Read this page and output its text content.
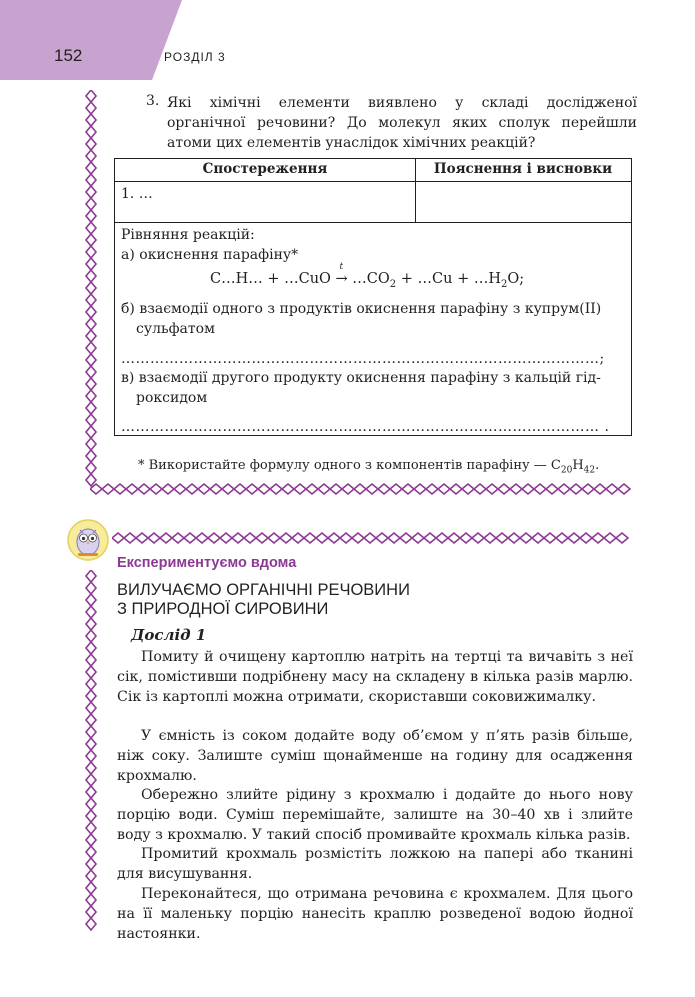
152	РОЗДІЛ 3
3. Які хімічні елементи виявлено у складі дослідженої органічної речовини? До молекул яких сполук перейшли атоми цих елементів унаслідок хімічних реакцій?

Спостереження	Пояснення і висновки
1. …
Рівняння реакцій:
а) окиснення парафіну*
C…H… + …CuO
t
→ $\dots CO_2$ + …Cu + $\dots H_2O$;
б) взаємодії одного з продуктів окиснення парафіну з купрум(ІІ)
сульфатом
………………………………………………………………………………………;
в) взаємодії другого продукту окиснення парафіну з кальцій гід-
роксидом
……………………………………………………………………………………… .
* Використайте формулу одного з компонентів парафіну — $C_{20}H_{42}$.
Експериментуємо вдома
ВИЛУЧАЄМО ОРГАНІЧНІ РЕЧОВИНИ
З ПРИРОДНОЇ СИРОВИНИ
Дослід 1

Помиту й очищену картоплю натріть на тертці та вичавіть з неї сік, помістивши подрібнену масу на складену в кілька разів марлю. Сік із картоплі можна отримати, скориставши соковижималку.

У ємність із соком додайте воду об’ємом у п’ять разів більше, ніж соку. Залиште суміш щонайменше на годину для осадження крохмалю.

Обережно злийте рідину з крохмалю і додайте до нього нову порцію води. Суміш перемішайте, залиште на 30–40 хв і злийте воду з крохмалю. У такий спосіб промивайте крохмаль кілька разів.

Промитий крохмаль розмістіть ложкою на папері або тканині для висушування.

Переконайтеся, що отримана речовина є крохмалем. Для цього на її маленьку порцію нанесіть краплю розведеної водою йодної настоянки.
